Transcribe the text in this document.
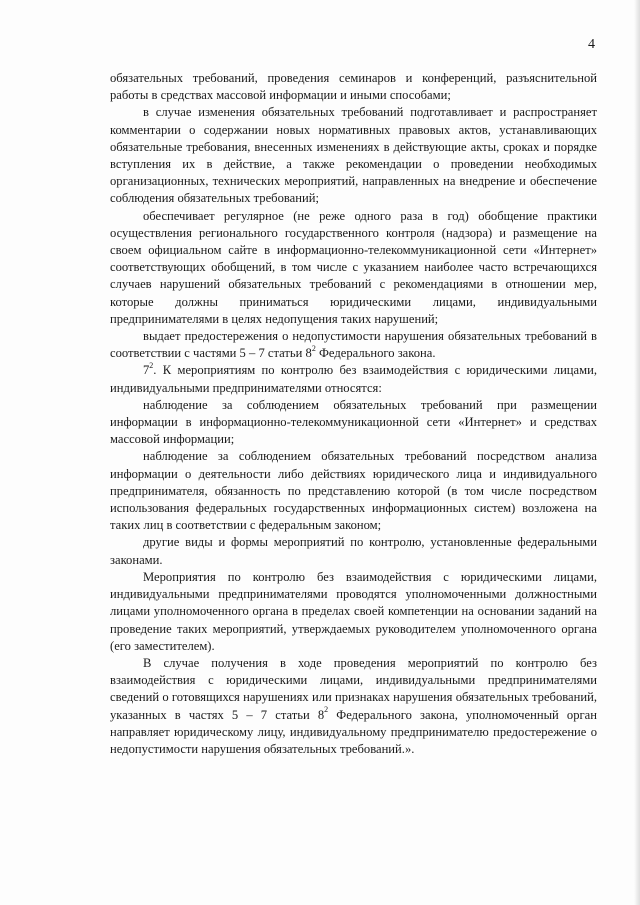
4

обязательных требований, проведения семинаров и конференций, разъяснительной работы в средствах массовой информации и иными способами;

в случае изменения обязательных требований подготавливает и распространяет комментарии о содержании новых нормативных правовых актов, устанавливающих обязательные требования, внесенных изменениях в действующие акты, сроках и порядке вступления их в действие, а также рекомендации о проведении необходимых организационных, технических мероприятий, направленных на внедрение и обеспечение соблюдения обязательных требований;

обеспечивает регулярное (не реже одного раза в год) обобщение практики осуществления регионального государственного контроля (надзора) и размещение на своем официальном сайте в информационно-телекоммуникационной сети «Интернет» соответствующих обобщений, в том числе с указанием наиболее часто встречающихся случаев нарушений обязательных требований с рекомендациями в отношении мер, которые должны приниматься юридическими лицами, индивидуальными предпринимателями в целях недопущения таких нарушений;

выдает предостережения о недопустимости нарушения обязательных требований в соответствии с частями 5 – 7 статьи $8^2$ Федерального закона.

$7^2$. К мероприятиям по контролю без взаимодействия с юридическими лицами, индивидуальными предпринимателями относятся:

наблюдение за соблюдением обязательных требований при размещении информации в информационно-телекоммуникационной сети «Интернет» и средствах массовой информации;

наблюдение за соблюдением обязательных требований посредством анализа информации о деятельности либо действиях юридического лица и индивидуального предпринимателя, обязанность по представлению которой (в том числе посредством использования федеральных государственных информационных систем) возложена на таких лиц в соответствии с федеральным законом;

другие виды и формы мероприятий по контролю, установленные федеральными законами.

Мероприятия по контролю без взаимодействия с юридическими лицами, индивидуальными предпринимателями проводятся уполномоченными должностными лицами уполномоченного органа в пределах своей компетенции на основании заданий на проведение таких мероприятий, утверждаемых руководителем уполномоченного органа (его заместителем).

В случае получения в ходе проведения мероприятий по контролю без взаимодействия с юридическими лицами, индивидуальными предпринимателями сведений о готовящихся нарушениях или признаках нарушения обязательных требований, указанных в частях 5 – 7 статьи $8^2$ Федерального закона, уполномоченный орган направляет юридическому лицу, индивидуальному предпринимателю предостережение о недопустимости нарушения обязательных требований.».
